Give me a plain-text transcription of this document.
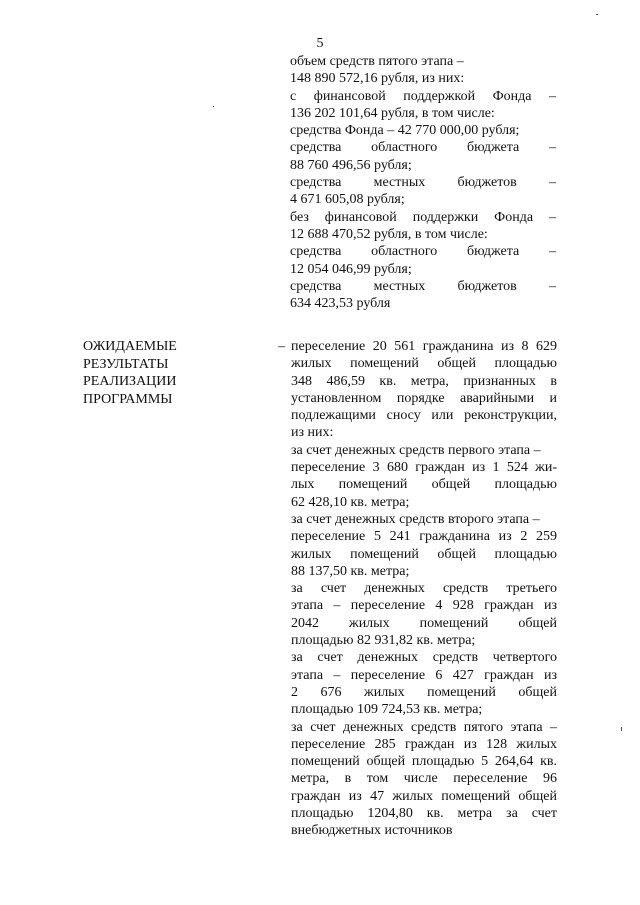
5
объем средств пятого этапа –
148 890 572,16 рубля, из них:
с финансовой поддержкой Фонда –
136 202 101,64 рубля, в том числе:
средства Фонда – 42 770 000,00 рубля;
средства областного бюджета –
88 760 496,56 рубля;
средства местных бюджетов –
4 671 605,08 рубля;
без финансовой поддержки Фонда –
12 688 470,52 рубля, в том числе:
средства областного бюджета –
12 054 046,99 рубля;
средства местных бюджетов –
634 423,53 рубля
ОЖИДАЕМЫЕ
РЕЗУЛЬТАТЫ
РЕАЛИЗАЦИИ
ПРОГРАММЫ
– переселение 20 561 гражданина из 8 629
жилых помещений общей площадью
348 486,59 кв. метра, признанных в
установленном порядке аварийными и
подлежащими сносу или реконструкции,
из них:
за счет денежных средств первого этапа –
переселение 3 680 граждан из 1 524 жи-
лых помещений общей площадью
62 428,10 кв. метра;
за счет денежных средств второго этапа –
переселение 5 241 гражданина из 2 259
жилых помещений общей площадью
88 137,50 кв. метра;
за счет денежных средств третьего
этапа – переселение 4 928 граждан из
2042 жилых помещений общей
площадью 82 931,82 кв. метра;
за счет денежных средств четвертого
этапа – переселение 6 427 граждан из
2 676 жилых помещений общей
площадью 109 724,53 кв. метра;
за счет денежных средств пятого этапа –
переселение 285 граждан из 128 жилых
помещений общей площадью 5 264,64 кв.
метра, в том числе переселение 96
граждан из 47 жилых помещений общей
площадью 1204,80 кв. метра за счет
внебюджетных источников
